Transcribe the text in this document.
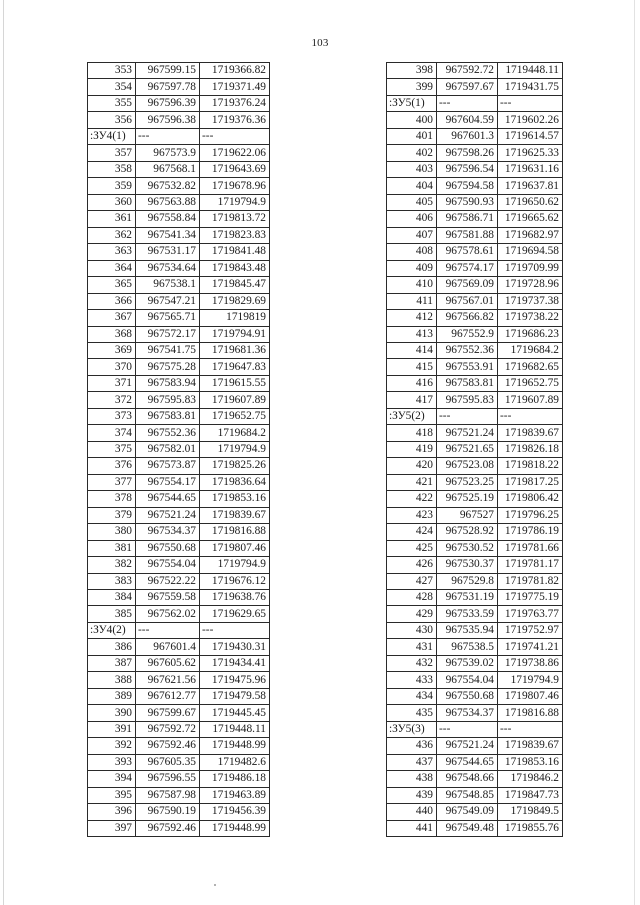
103
353	967599.15	1719366.82
354	967597.78	1719371.49
355	967596.39	1719376.24
356	967596.38	1719376.36
:ЗУ4(1)	---	---
357	967573.9	1719622.06
358	967568.1	1719643.69
359	967532.82	1719678.96
360	967563.88	1719794.9
361	967558.84	1719813.72
362	967541.34	1719823.83
363	967531.17	1719841.48
364	967534.64	1719843.48
365	967538.1	1719845.47
366	967547.21	1719829.69
367	967565.71	1719819
368	967572.17	1719794.91
369	967541.75	1719681.36
370	967575.28	1719647.83
371	967583.94	1719615.55
372	967595.83	1719607.89
373	967583.81	1719652.75
374	967552.36	1719684.2
375	967582.01	1719794.9
376	967573.87	1719825.26
377	967554.17	1719836.64
378	967544.65	1719853.16
379	967521.24	1719839.67
380	967534.37	1719816.88
381	967550.68	1719807.46
382	967554.04	1719794.9
383	967522.22	1719676.12
384	967559.58	1719638.76
385	967562.02	1719629.65
:ЗУ4(2)	---	---
386	967601.4	1719430.31
387	967605.62	1719434.41
388	967621.56	1719475.96
389	967612.77	1719479.58
390	967599.67	1719445.45
391	967592.72	1719448.11
392	967592.46	1719448.99
393	967605.35	1719482.6
394	967596.55	1719486.18
395	967587.98	1719463.89
396	967590.19	1719456.39
397	967592.46	1719448.99
398	967592.72	1719448.11
399	967597.67	1719431.75
:ЗУ5(1)	---	---
400	967604.59	1719602.26
401	967601.3	1719614.57
402	967598.26	1719625.33
403	967596.54	1719631.16
404	967594.58	1719637.81
405	967590.93	1719650.62
406	967586.71	1719665.62
407	967581.88	1719682.97
408	967578.61	1719694.58
409	967574.17	1719709.99
410	967569.09	1719728.96
411	967567.01	1719737.38
412	967566.82	1719738.22
413	967552.9	1719686.23
414	967552.36	1719684.2
415	967553.91	1719682.65
416	967583.81	1719652.75
417	967595.83	1719607.89
:ЗУ5(2)	---	---
418	967521.24	1719839.67
419	967521.65	1719826.18
420	967523.08	1719818.22
421	967523.25	1719817.25
422	967525.19	1719806.42
423	967527	1719796.25
424	967528.92	1719786.19
425	967530.52	1719781.66
426	967530.37	1719781.17
427	967529.8	1719781.82
428	967531.19	1719775.19
429	967533.59	1719763.77
430	967535.94	1719752.97
431	967538.5	1719741.21
432	967539.02	1719738.86
433	967554.04	1719794.9
434	967550.68	1719807.46
435	967534.37	1719816.88
:ЗУ5(3)	---	---
436	967521.24	1719839.67
437	967544.65	1719853.16
438	967548.66	1719846.2
439	967548.85	1719847.73
440	967549.09	1719849.5
441	967549.48	1719855.76
